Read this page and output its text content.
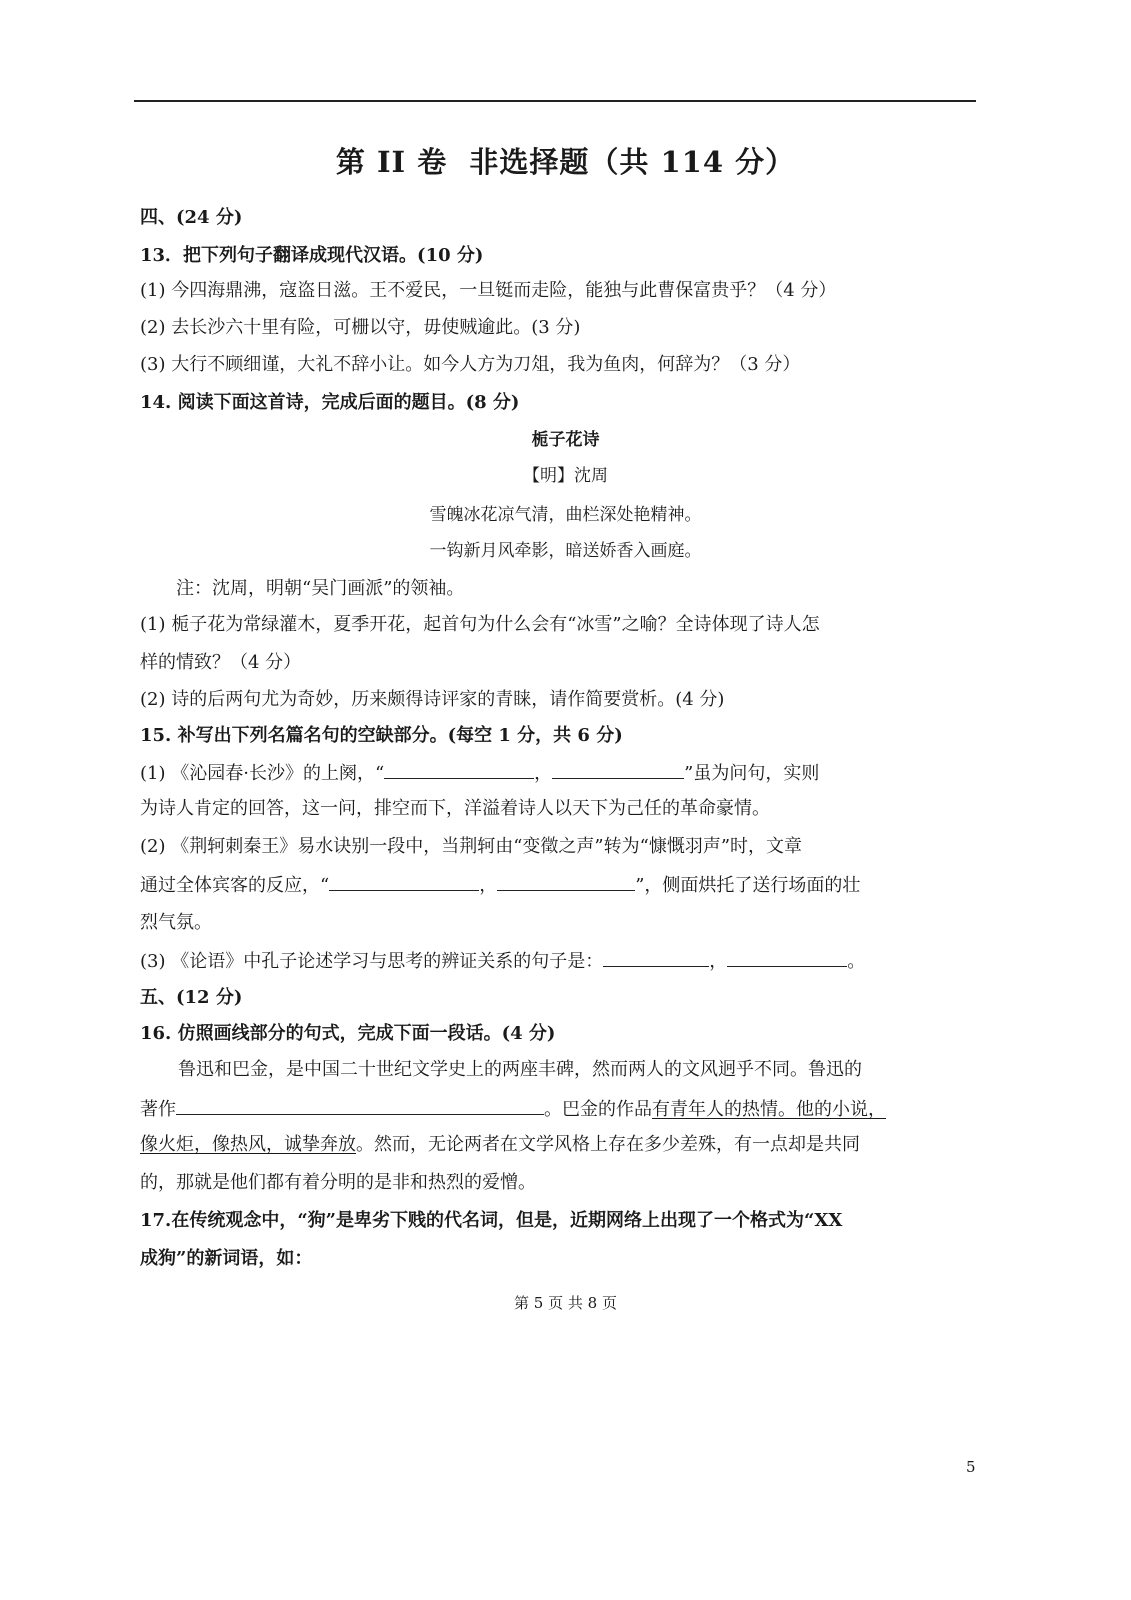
第 II 卷  非选择题（共 114 分）
四、(24 分)
13．把下列句子翻译成现代汉语。(10 分)
(1) 今四海鼎沸，寇盗日滋。王不爱民，一旦铤而走险，能独与此曹保富贵乎？（4 分）
(2) 去长沙六十里有险，可栅以守，毋使贼逾此。(3 分)
(3) 大行不顾细谨，大礼不辞小让。如今人方为刀俎，我为鱼肉，何辞为？（3 分）
14. 阅读下面这首诗，完成后面的题目。(8 分)
栀子花诗
【明】沈周
雪魄冰花凉气清，曲栏深处艳精神。
一钩新月风牵影，暗送娇香入画庭。
注：沈周，明朝“吴门画派”的领袖。
(1) 栀子花为常绿灌木，夏季开花，起首句为什么会有“冰雪”之喻？全诗体现了诗人怎
样的情致？（4 分）
(2) 诗的后两句尤为奇妙，历来颇得诗评家的青睐，请作简要赏析。(4 分)
15. 补写出下列名篇名句的空缺部分。(每空 1 分，共 6 分)
(1) 《沁园春·长沙》的上阕，“	，	”虽为问句，实则
为诗人肯定的回答，这一问，排空而下，洋溢着诗人以天下为己任的革命豪情。
(2) 《荆轲刺秦王》易水诀别一段中，当荆轲由“变徵之声”转为“慷慨羽声”时，文章
通过全体宾客的反应，“	，	”，侧面烘托了送行场面的壮
烈气氛。
(3) 《论语》中孔子论述学习与思考的辨证关系的句子是：	，	。
五、(12 分)
16. 仿照画线部分的句式，完成下面一段话。(4 分)
鲁迅和巴金，是中国二十世纪文学史上的两座丰碑，然而两人的文风迥乎不同。鲁迅的
著作	。巴金的作品有青年人的热情。他的小说，
像火炬，像热风，诚挚奔放。然而，无论两者在文学风格上存在多少差殊，有一点却是共同
的，那就是他们都有着分明的是非和热烈的爱憎。
17.在传统观念中，“狗”是卑劣下贱的代名词，但是，近期网络上出现了一个格式为“XX
成狗”的新词语，如：
第 5 页 共 8 页
5
